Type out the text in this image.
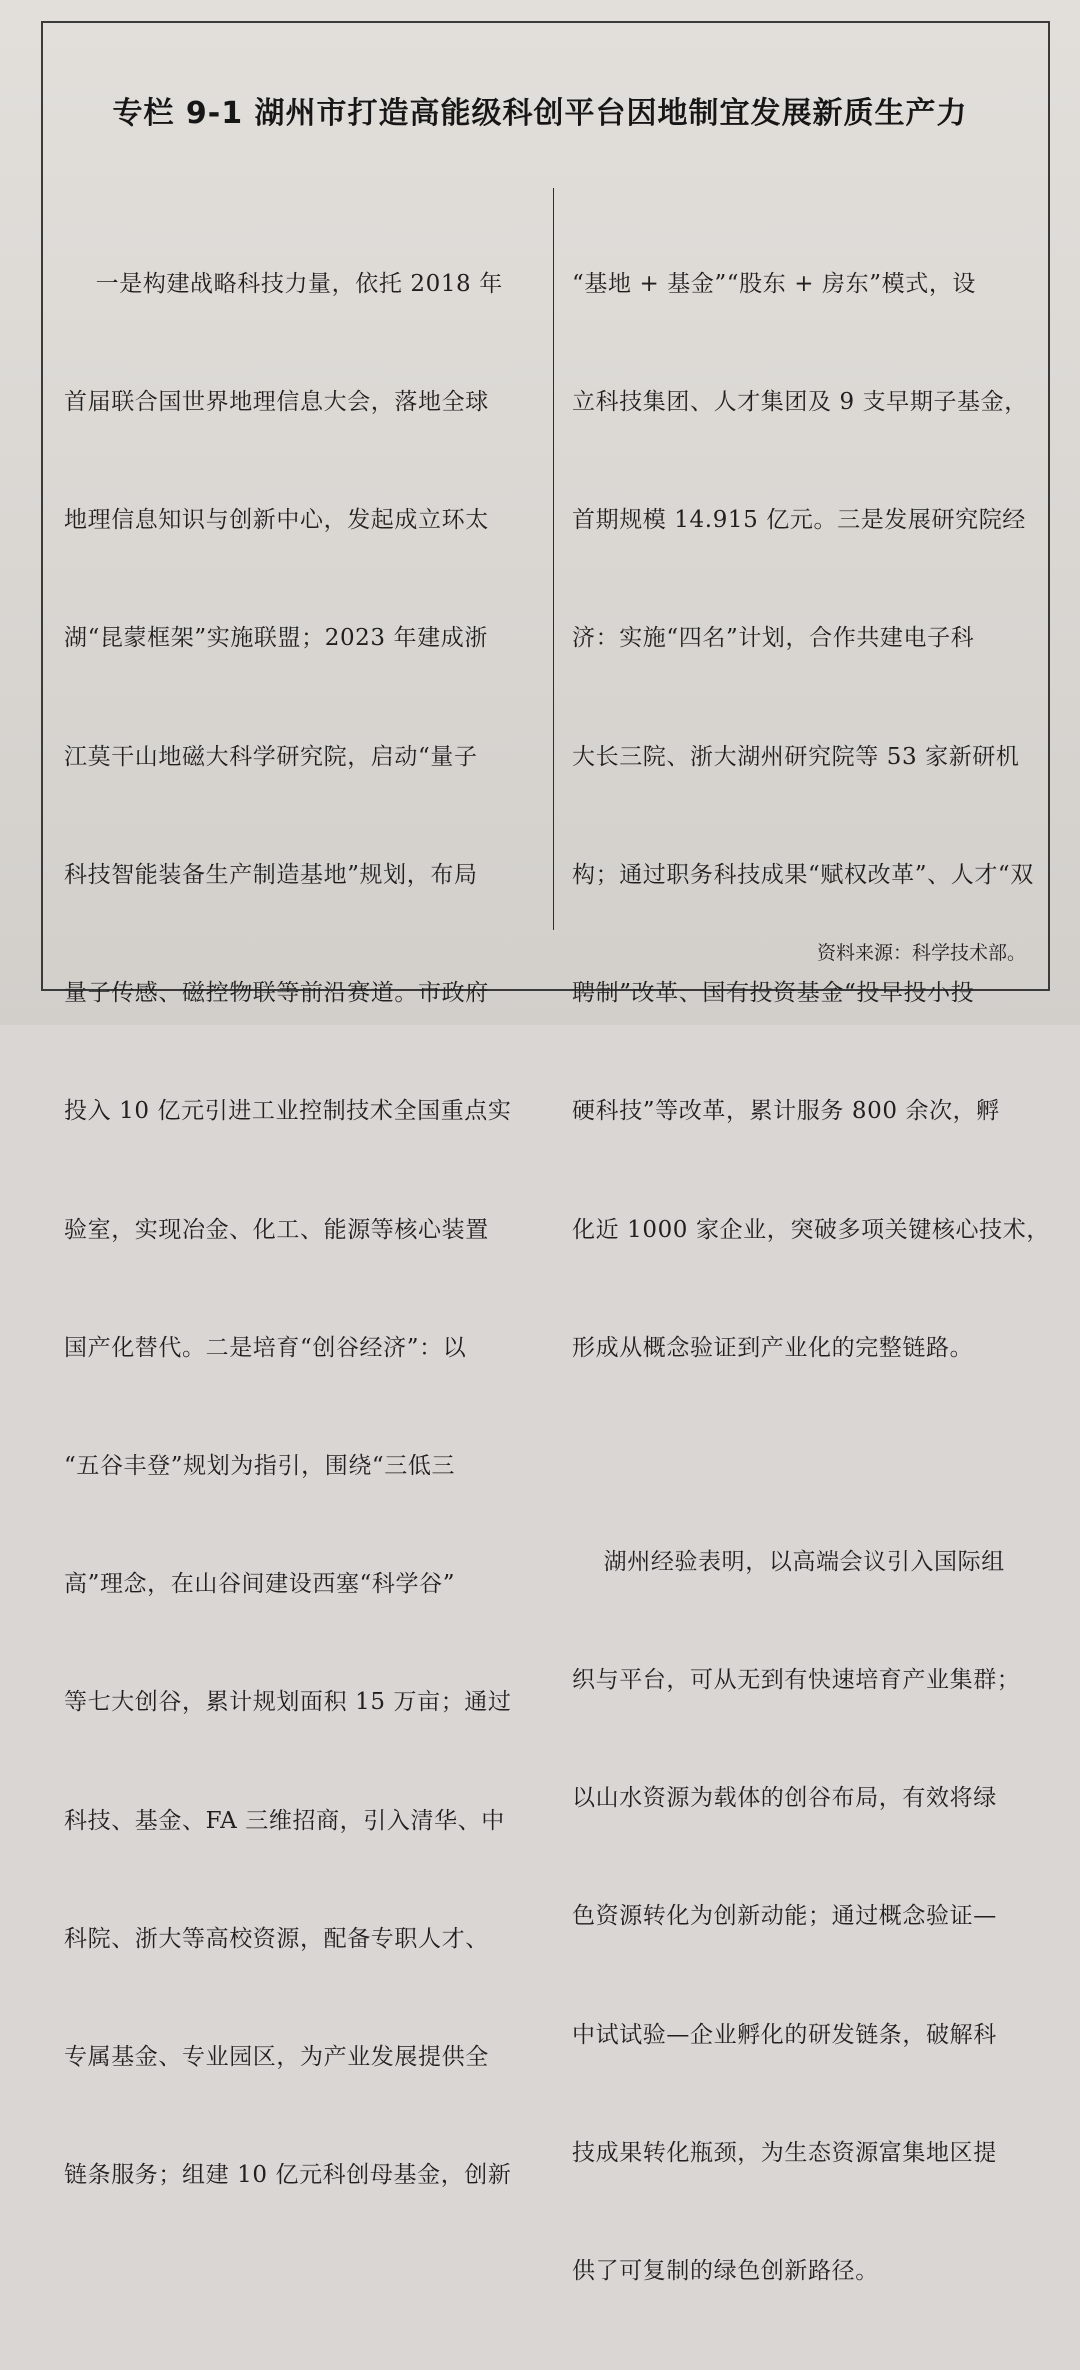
专栏 9-1 湖州市打造高能级科创平台因地制宜发展新质生产力

一是构建战略科技力量，依托 2018 年

首届联合国世界地理信息大会，落地全球

地理信息知识与创新中心，发起成立环太

湖“昆蒙框架”实施联盟；2023 年建成浙

江莫干山地磁大科学研究院，启动“量子

科技智能装备生产制造基地”规划，布局

量子传感、磁控物联等前沿赛道。市政府

投入 10 亿元引进工业控制技术全国重点实

验室，实现冶金、化工、能源等核心装置

国产化替代。二是培育“创谷经济”：以

“五谷丰登”规划为指引，围绕“三低三

高”理念，在山谷间建设西塞“科学谷”

等七大创谷，累计规划面积 15 万亩；通过

科技、基金、FA 三维招商，引入清华、中

科院、浙大等高校资源，配备专职人才、

专属基金、专业园区，为产业发展提供全

链条服务；组建 10 亿元科创母基金，创新

“基地 + 基金”“股东 + 房东”模式，设

立科技集团、人才集团及 9 支早期子基金，

首期规模 14.915 亿元。三是发展研究院经

济：实施“四名”计划，合作共建电子科

大长三院、浙大湖州研究院等 53 家新研机

构；通过职务科技成果“赋权改革”、人才“双

聘制”改革、国有投资基金“投早投小投

硬科技”等改革，累计服务 800 余次，孵

化近 1000 家企业，突破多项关键核心技术，

形成从概念验证到产业化的完整链路。

湖州经验表明，以高端会议引入国际组

织与平台，可从无到有快速培育产业集群；

以山水资源为载体的创谷布局，有效将绿

色资源转化为创新动能；通过概念验证—

中试试验—企业孵化的研发链条，破解科

技成果转化瓶颈，为生态资源富集地区提

供了可复制的绿色创新路径。

资料来源：科学技术部。
